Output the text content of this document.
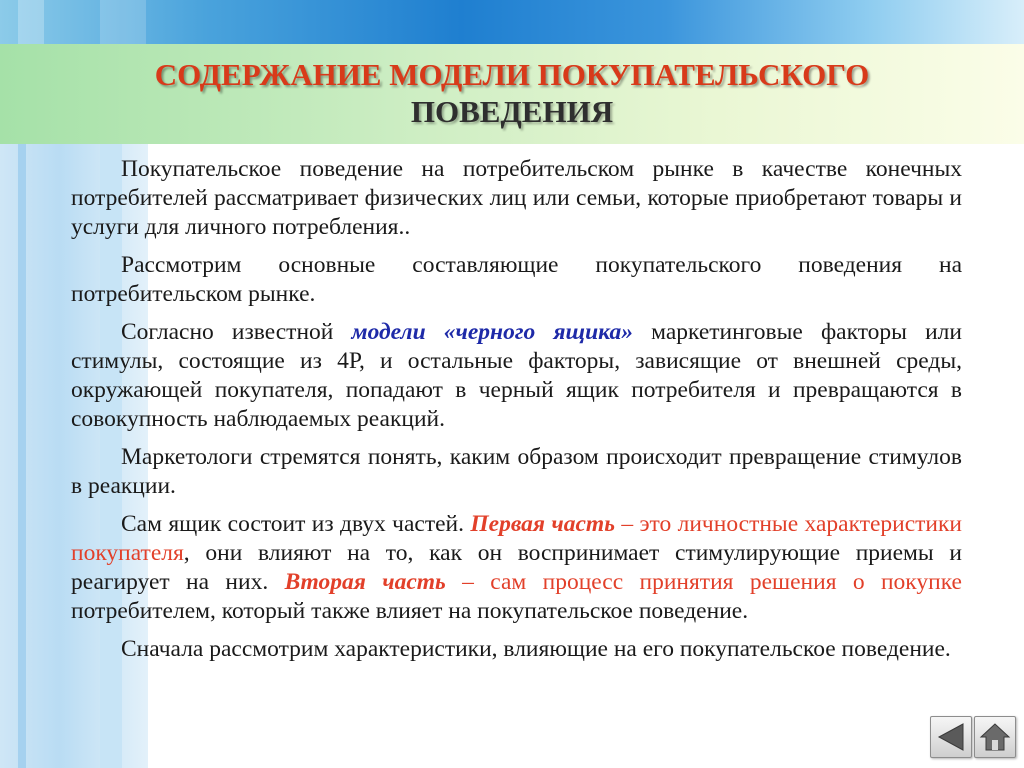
СОДЕРЖАНИЕ МОДЕЛИ ПОКУПАТЕЛЬСКОГО
ПОВЕДЕНИЯ

Покупательское поведение на потребительском рынке в качестве конечных потребителей рассматривает физических лиц или семьи, которые приобретают товары и услуги для личного потребления..

Рассмотрим основные составляющие покупательского поведения на потребительском рынке.

Согласно известной модели «черного ящика» маркетинговые факторы или стимулы, состоящие из 4Р, и остальные факторы, зависящие от внешней среды, окружающей покупателя, попадают в черный ящик потребителя и превращаются в совокупность наблюдаемых реакций.

Маркетологи стремятся понять, каким образом происходит превращение стимулов в реакции.

Сам ящик состоит из двух частей. Первая часть – это личностные характеристики покупателя, они влияют на то, как он воспринимает стимулирующие приемы и реагирует на них. Вторая часть – сам процесс принятия решения о покупке потребителем, который также влияет на покупательское поведение.

Сначала рассмотрим характеристики, влияющие на его покупательское поведение.
